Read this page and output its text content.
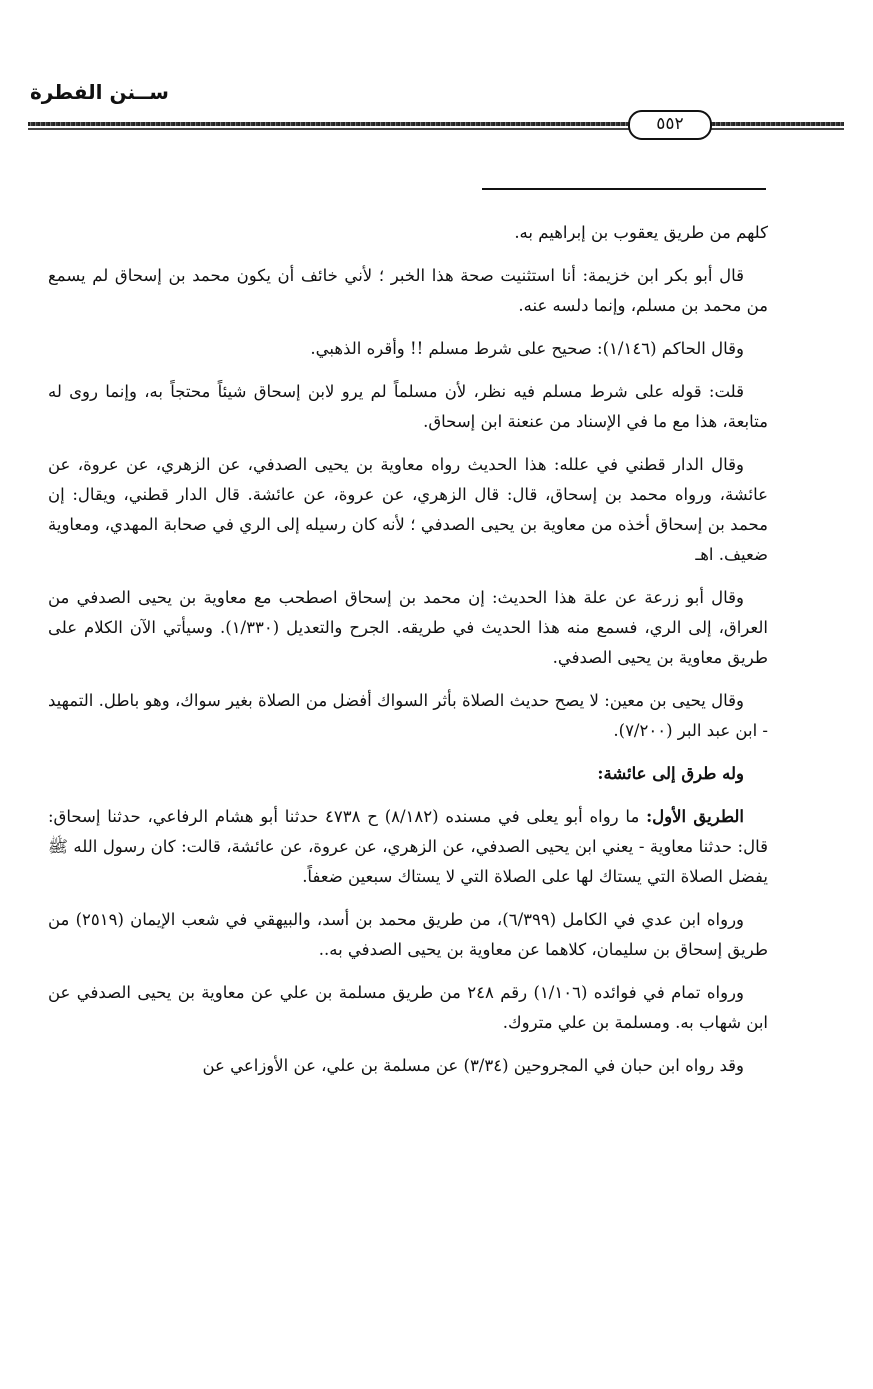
ســنن الفطرة
٥٥٢

كلهم من طريق يعقوب بن إبراهيم به.

قال أبو بكر ابن خزيمة: أنا استثنيت صحة هذا الخبر ؛ لأني خائف أن يكون محمد بن إسحاق لم يسمع من محمد بن مسلم، وإنما دلسه عنه.

وقال الحاكم (١/١٤٦): صحيح على شرط مسلم !! وأقره الذهبي.

قلت: قوله على شرط مسلم فيه نظر، لأن مسلماً لم يرو لابن إسحاق شيئاً محتجاً به، وإنما روى له متابعة، هذا مع ما في الإسناد من عنعنة ابن إسحاق.

وقال الدار قطني في علله: هذا الحديث رواه معاوية بن يحيى الصدفي، عن الزهري، عن عروة، عن عائشة، ورواه محمد بن إسحاق، قال: قال الزهري، عن عروة، عن عائشة. قال الدار قطني، ويقال: إن محمد بن إسحاق أخذه من معاوية بن يحيى الصدفي ؛ لأنه كان رسيله إلى الري في صحابة المهدي، ومعاوية ضعيف. اهـ

وقال أبو زرعة عن علة هذا الحديث: إن محمد بن إسحاق اصطحب مع معاوية بن يحيى الصدفي من العراق، إلى الري، فسمع منه هذا الحديث في طريقه. الجرح والتعديل (١/٣٣٠). وسيأتي الآن الكلام على طريق معاوية بن يحيى الصدفي.

وقال يحيى بن معين: لا يصح حديث الصلاة بأثر السواك أفضل من الصلاة بغير سواك، وهو باطل. التمهيد - ابن عبد البر (٧/٢٠٠).

وله طرق إلى عائشة:

الطريق الأول: ما رواه أبو يعلى في مسنده (٨/١٨٢) ح ٤٧٣٨ حدثنا أبو هشام الرفاعي، حدثنا إسحاق: قال: حدثنا معاوية - يعني ابن يحيى الصدفي، عن الزهري، عن عروة، عن عائشة، قالت: كان رسول الله ﷺ يفضل الصلاة التي يستاك لها على الصلاة التي لا يستاك سبعين ضعفاً.

ورواه ابن عدي في الكامل (٦/٣٩٩)، من طريق محمد بن أسد، والبيهقي في شعب الإيمان (٢٥١٩) من طريق إسحاق بن سليمان، كلاهما عن معاوية بن يحيى الصدفي به..

ورواه تمام في فوائده (١/١٠٦) رقم ٢٤٨ من طريق مسلمة بن علي عن معاوية بن يحيى الصدفي عن ابن شهاب به. ومسلمة بن علي متروك.

وقد رواه ابن حبان في المجروحين (٣/٣٤) عن مسلمة بن علي، عن الأوزاعي عن
